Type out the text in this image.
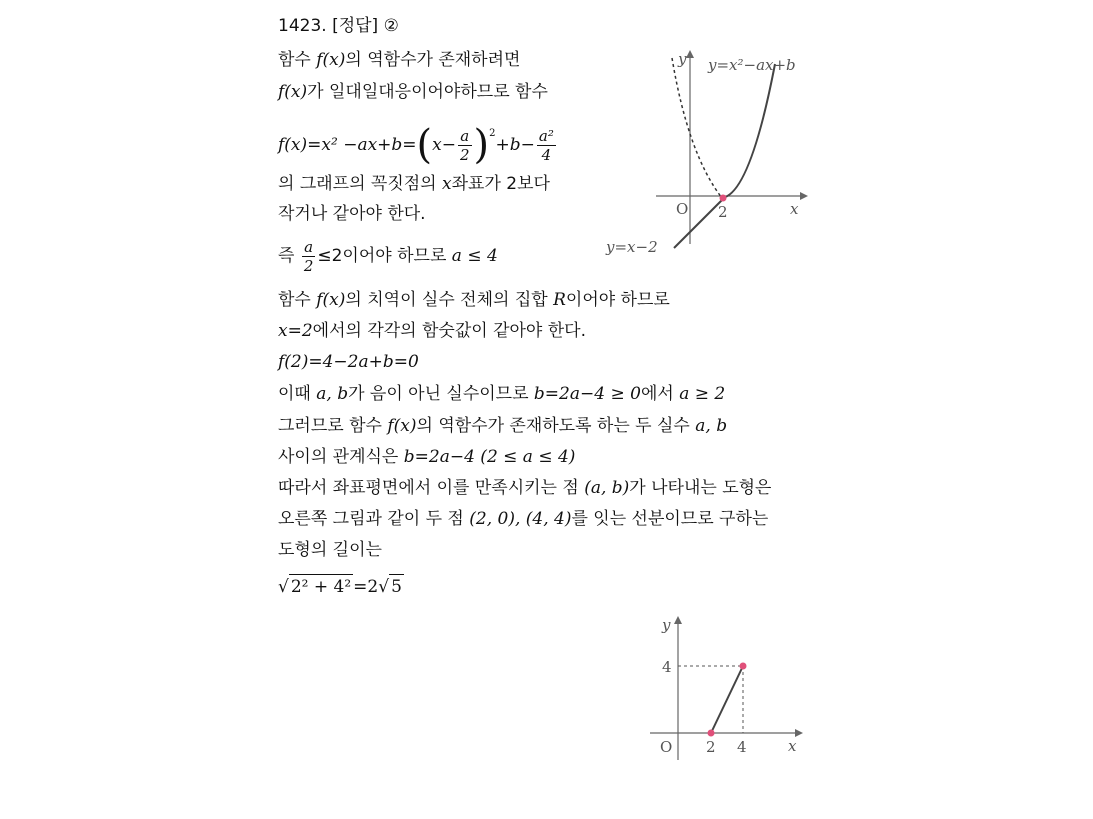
1423. [정답] ②
함수 f(x)의 역함수가 존재하려면
f(x)가 일대일대응이어야하므로 함수
$f(x)=x^2 -ax+b=(x- \frac{a}{2} )^2+b- \frac{\text{a²}}{4}$
의 그래프의 꼭짓점의 x좌표가 2보다
작거나 같아야 한다.
즉 $\frac{a}{2} \le 2$이어야 하므로 a ≤ 4
함수 f(x)의 치역이 실수 전체의 집합 R이어야 하므로
x=2에서의 각각의 함숫값이 같아야 한다.
f(2)=4−2a+b=0
이때 a, b가 음이 아닌 실수이므로 b=2a−4 ≥ 0에서 a ≥ 2
그러므로 함수 f(x)의 역함수가 존재하도록 하는 두 실수 a, b
사이의 관계식은 b=2a−4 (2 ≤ a ≤ 4)
따라서 좌표평면에서 이를 만족시키는 점 (a, b)가 나타내는 도형은
오른쪽 그림과 같이 두 점 (2, 0), (4, 4)를 잇는 선분이므로 구하는
도형의 길이는
√ 2² + 4² =2√ 5
y
x
O 2
y=x²−ax+b
y=x−2
y
x
O
4
2 4
